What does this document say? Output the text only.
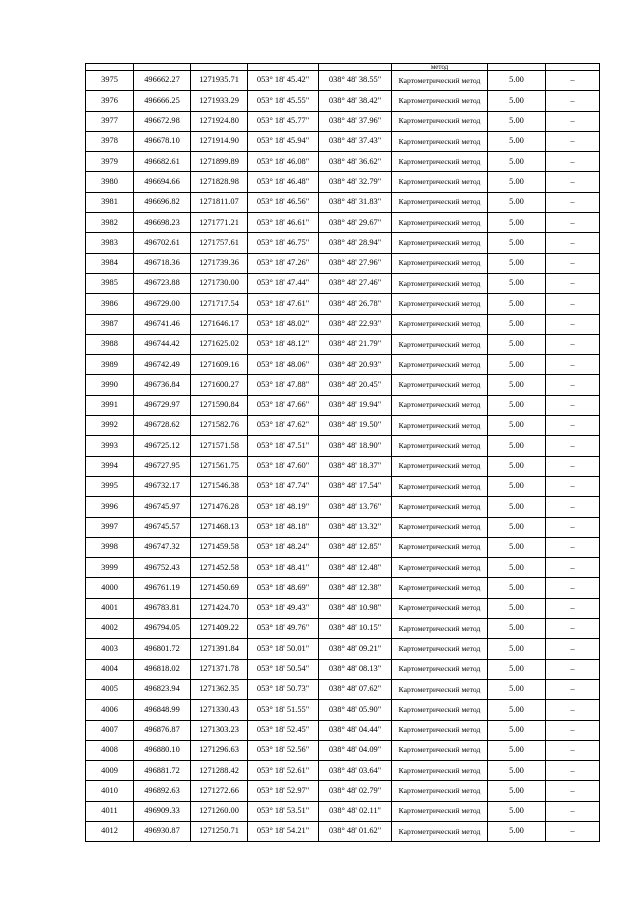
					метод		
3975	496662.27	1271935.71	053° 18' 45.42"	038° 48' 38.55"	Картометрический метод	5.00	–
3976	496666.25	1271933.29	053° 18' 45.55"	038° 48' 38.42"	Картометрический метод	5.00	–
3977	496672.98	1271924.80	053° 18' 45.77"	038° 48' 37.96"	Картометрический метод	5.00	–
3978	496678.10	1271914.90	053° 18' 45.94"	038° 48' 37.43"	Картометрический метод	5.00	–
3979	496682.61	1271899.89	053° 18' 46.08"	038° 48' 36.62"	Картометрический метод	5.00	–
3980	496694.66	1271828.98	053° 18' 46.48"	038° 48' 32.79"	Картометрический метод	5.00	–
3981	496696.82	1271811.07	053° 18' 46.56"	038° 48' 31.83"	Картометрический метод	5.00	–
3982	496698.23	1271771.21	053° 18' 46.61"	038° 48' 29.67"	Картометрический метод	5.00	–
3983	496702.61	1271757.61	053° 18' 46.75"	038° 48' 28.94"	Картометрический метод	5.00	–
3984	496718.36	1271739.36	053° 18' 47.26"	038° 48' 27.96"	Картометрический метод	5.00	–
3985	496723.88	1271730.00	053° 18' 47.44"	038° 48' 27.46"	Картометрический метод	5.00	–
3986	496729.00	1271717.54	053° 18' 47.61"	038° 48' 26.78"	Картометрический метод	5.00	–
3987	496741.46	1271646.17	053° 18' 48.02"	038° 48' 22.93"	Картометрический метод	5.00	–
3988	496744.42	1271625.02	053° 18' 48.12"	038° 48' 21.79"	Картометрический метод	5.00	–
3989	496742.49	1271609.16	053° 18' 48.06"	038° 48' 20.93"	Картометрический метод	5.00	–
3990	496736.84	1271600.27	053° 18' 47.88"	038° 48' 20.45"	Картометрический метод	5.00	–
3991	496729.97	1271590.84	053° 18' 47.66"	038° 48' 19.94"	Картометрический метод	5.00	–
3992	496728.62	1271582.76	053° 18' 47.62"	038° 48' 19.50"	Картометрический метод	5.00	–
3993	496725.12	1271571.58	053° 18' 47.51"	038° 48' 18.90"	Картометрический метод	5.00	–
3994	496727.95	1271561.75	053° 18' 47.60"	038° 48' 18.37"	Картометрический метод	5.00	–
3995	496732.17	1271546.38	053° 18' 47.74"	038° 48' 17.54"	Картометрический метод	5.00	–
3996	496745.97	1271476.28	053° 18' 48.19"	038° 48' 13.76"	Картометрический метод	5.00	–
3997	496745.57	1271468.13	053° 18' 48.18"	038° 48' 13.32"	Картометрический метод	5.00	–
3998	496747.32	1271459.58	053° 18' 48.24"	038° 48' 12.85"	Картометрический метод	5.00	–
3999	496752.43	1271452.58	053° 18' 48.41"	038° 48' 12.48"	Картометрический метод	5.00	–
4000	496761.19	1271450.69	053° 18' 48.69"	038° 48' 12.38"	Картометрический метод	5.00	–
4001	496783.81	1271424.70	053° 18' 49.43"	038° 48' 10.98"	Картометрический метод	5.00	–
4002	496794.05	1271409.22	053° 18' 49.76"	038° 48' 10.15"	Картометрический метод	5.00	–
4003	496801.72	1271391.84	053° 18' 50.01"	038° 48' 09.21"	Картометрический метод	5.00	–
4004	496818.02	1271371.78	053° 18' 50.54"	038° 48' 08.13"	Картометрический метод	5.00	–
4005	496823.94	1271362.35	053° 18' 50.73"	038° 48' 07.62"	Картометрический метод	5.00	–
4006	496848.99	1271330.43	053° 18' 51.55"	038° 48' 05.90"	Картометрический метод	5.00	–
4007	496876.87	1271303.23	053° 18' 52.45"	038° 48' 04.44"	Картометрический метод	5.00	–
4008	496880.10	1271296.63	053° 18' 52.56"	038° 48' 04.09"	Картометрический метод	5.00	–
4009	496881.72	1271288.42	053° 18' 52.61"	038° 48' 03.64"	Картометрический метод	5.00	–
4010	496892.63	1271272.66	053° 18' 52.97"	038° 48' 02.79"	Картометрический метод	5.00	–
4011	496909.33	1271260.00	053° 18' 53.51"	038° 48' 02.11"	Картометрический метод	5.00	–
4012	496930.87	1271250.71	053° 18' 54.21"	038° 48' 01.62"	Картометрический метод	5.00	–
